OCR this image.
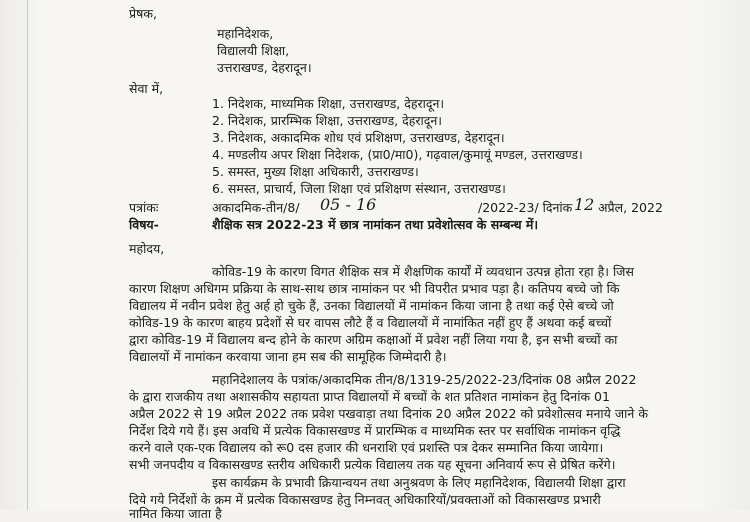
प्रेषक,
महानिदेशक,
विद्यालयी शिक्षा,
उत्तराखण्ड, देहरादून।
सेवा में,
1. निदेशक, माध्यमिक शिक्षा, उत्तराखण्ड, देहरादून।
2. निदेशक, प्रारम्भिक शिक्षा, उत्तराखण्ड, देहरादून।
3. निदेशक, अकादमिक शोध एवं प्रशिक्षण, उत्तराखण्ड, देहरादून।
4. मण्डलीय अपर शिक्षा निदेशक, (प्रा0/मा0), गढ़वाल/कुमायूं मण्डल, उत्तराखण्ड।
5. समस्त, मुख्य शिक्षा अधिकारी, उत्तराखण्ड।
6. समस्त, प्राचार्य, जिला शिक्षा एवं प्रशिक्षण संस्थान, उत्तराखण्ड।
पत्रांकः	अकादमिक-तीन/8/ 05 - 16	/2022-23/ दिनांक 12 अप्रैल, 2022
विषय-	शैक्षिक सत्र 2022-23 में छात्र नामांकन तथा प्रवेशोत्सव के सम्बन्ध में।
महोदय,
कोविड-19 के कारण विगत शैक्षिक सत्र में शैक्षणिक कार्यों में व्यवधान उत्पन्न होता रहा है। जिस
कारण शिक्षण अधिगम प्रक्रिया के साथ-साथ छात्र नामांकन पर भी विपरीत प्रभाव पड़ा है। कतिपय बच्चे जो कि
विद्यालय में नवीन प्रवेश हेतु अर्ह हो चुके हैं, उनका विद्यालयों में नामांकन किया जाना है तथा कई ऐसे बच्चे जो
कोविड-19 के कारण बाहय प्रदेशों से घर वापस लौटे हैं व विद्यालयों में नामांकित नहीं हुए हैं अथवा कई बच्चों
द्वारा कोविड-19 में विद्यालय बन्द होने के कारण अग्रिम कक्षाओं में प्रवेश नहीं लिया गया है, इन सभी बच्चों का
विद्यालयों में नामांकन करवाया जाना हम सब की सामूहिक जिम्मेदारी है।
महानिदेशालय के पत्रांक/अकादमिक तीन/8/1319-25/2022-23/दिनांक 08 अप्रैल 2022
के द्वारा राजकीय तथा अशासकीय सहायता प्राप्त विद्यालयों में बच्चों के शत प्रतिशत नामांकन हेतु दिनांक 01
अप्रैल 2022 से 19 अप्रैल 2022 तक प्रवेश पखवाड़ा तथा दिनांक 20 अप्रैल 2022 को प्रवेशोत्सव मनाये जाने के
निर्देश दिये गये हैं। इस अवधि में प्रत्येक विकासखण्ड में प्रारम्भिक व माध्यमिक स्तर पर सर्वाधिक नामांकन वृद्धि
करने वाले एक-एक विद्यालय को रू0 दस हजार की धनराशि एवं प्रशस्ति पत्र देकर सम्मानित किया जायेगा।
सभी जनपदीय व विकासखण्ड स्तरीय अधिकारी प्रत्येक विद्यालय तक यह सूचना अनिवार्य रूप से प्रेषित करेंगे।
इस कार्यक्रम के प्रभावी क्रियान्वयन तथा अनुश्रवण के लिए महानिदेशक, विद्यालयी शिक्षा द्वारा
दिये गये निर्देशों के क्रम में प्रत्येक विकासखण्ड हेतु निम्नवत् अधिकारियों/प्रवक्ताओं को विकासखण्ड प्रभारी
नामित किया जाता है
